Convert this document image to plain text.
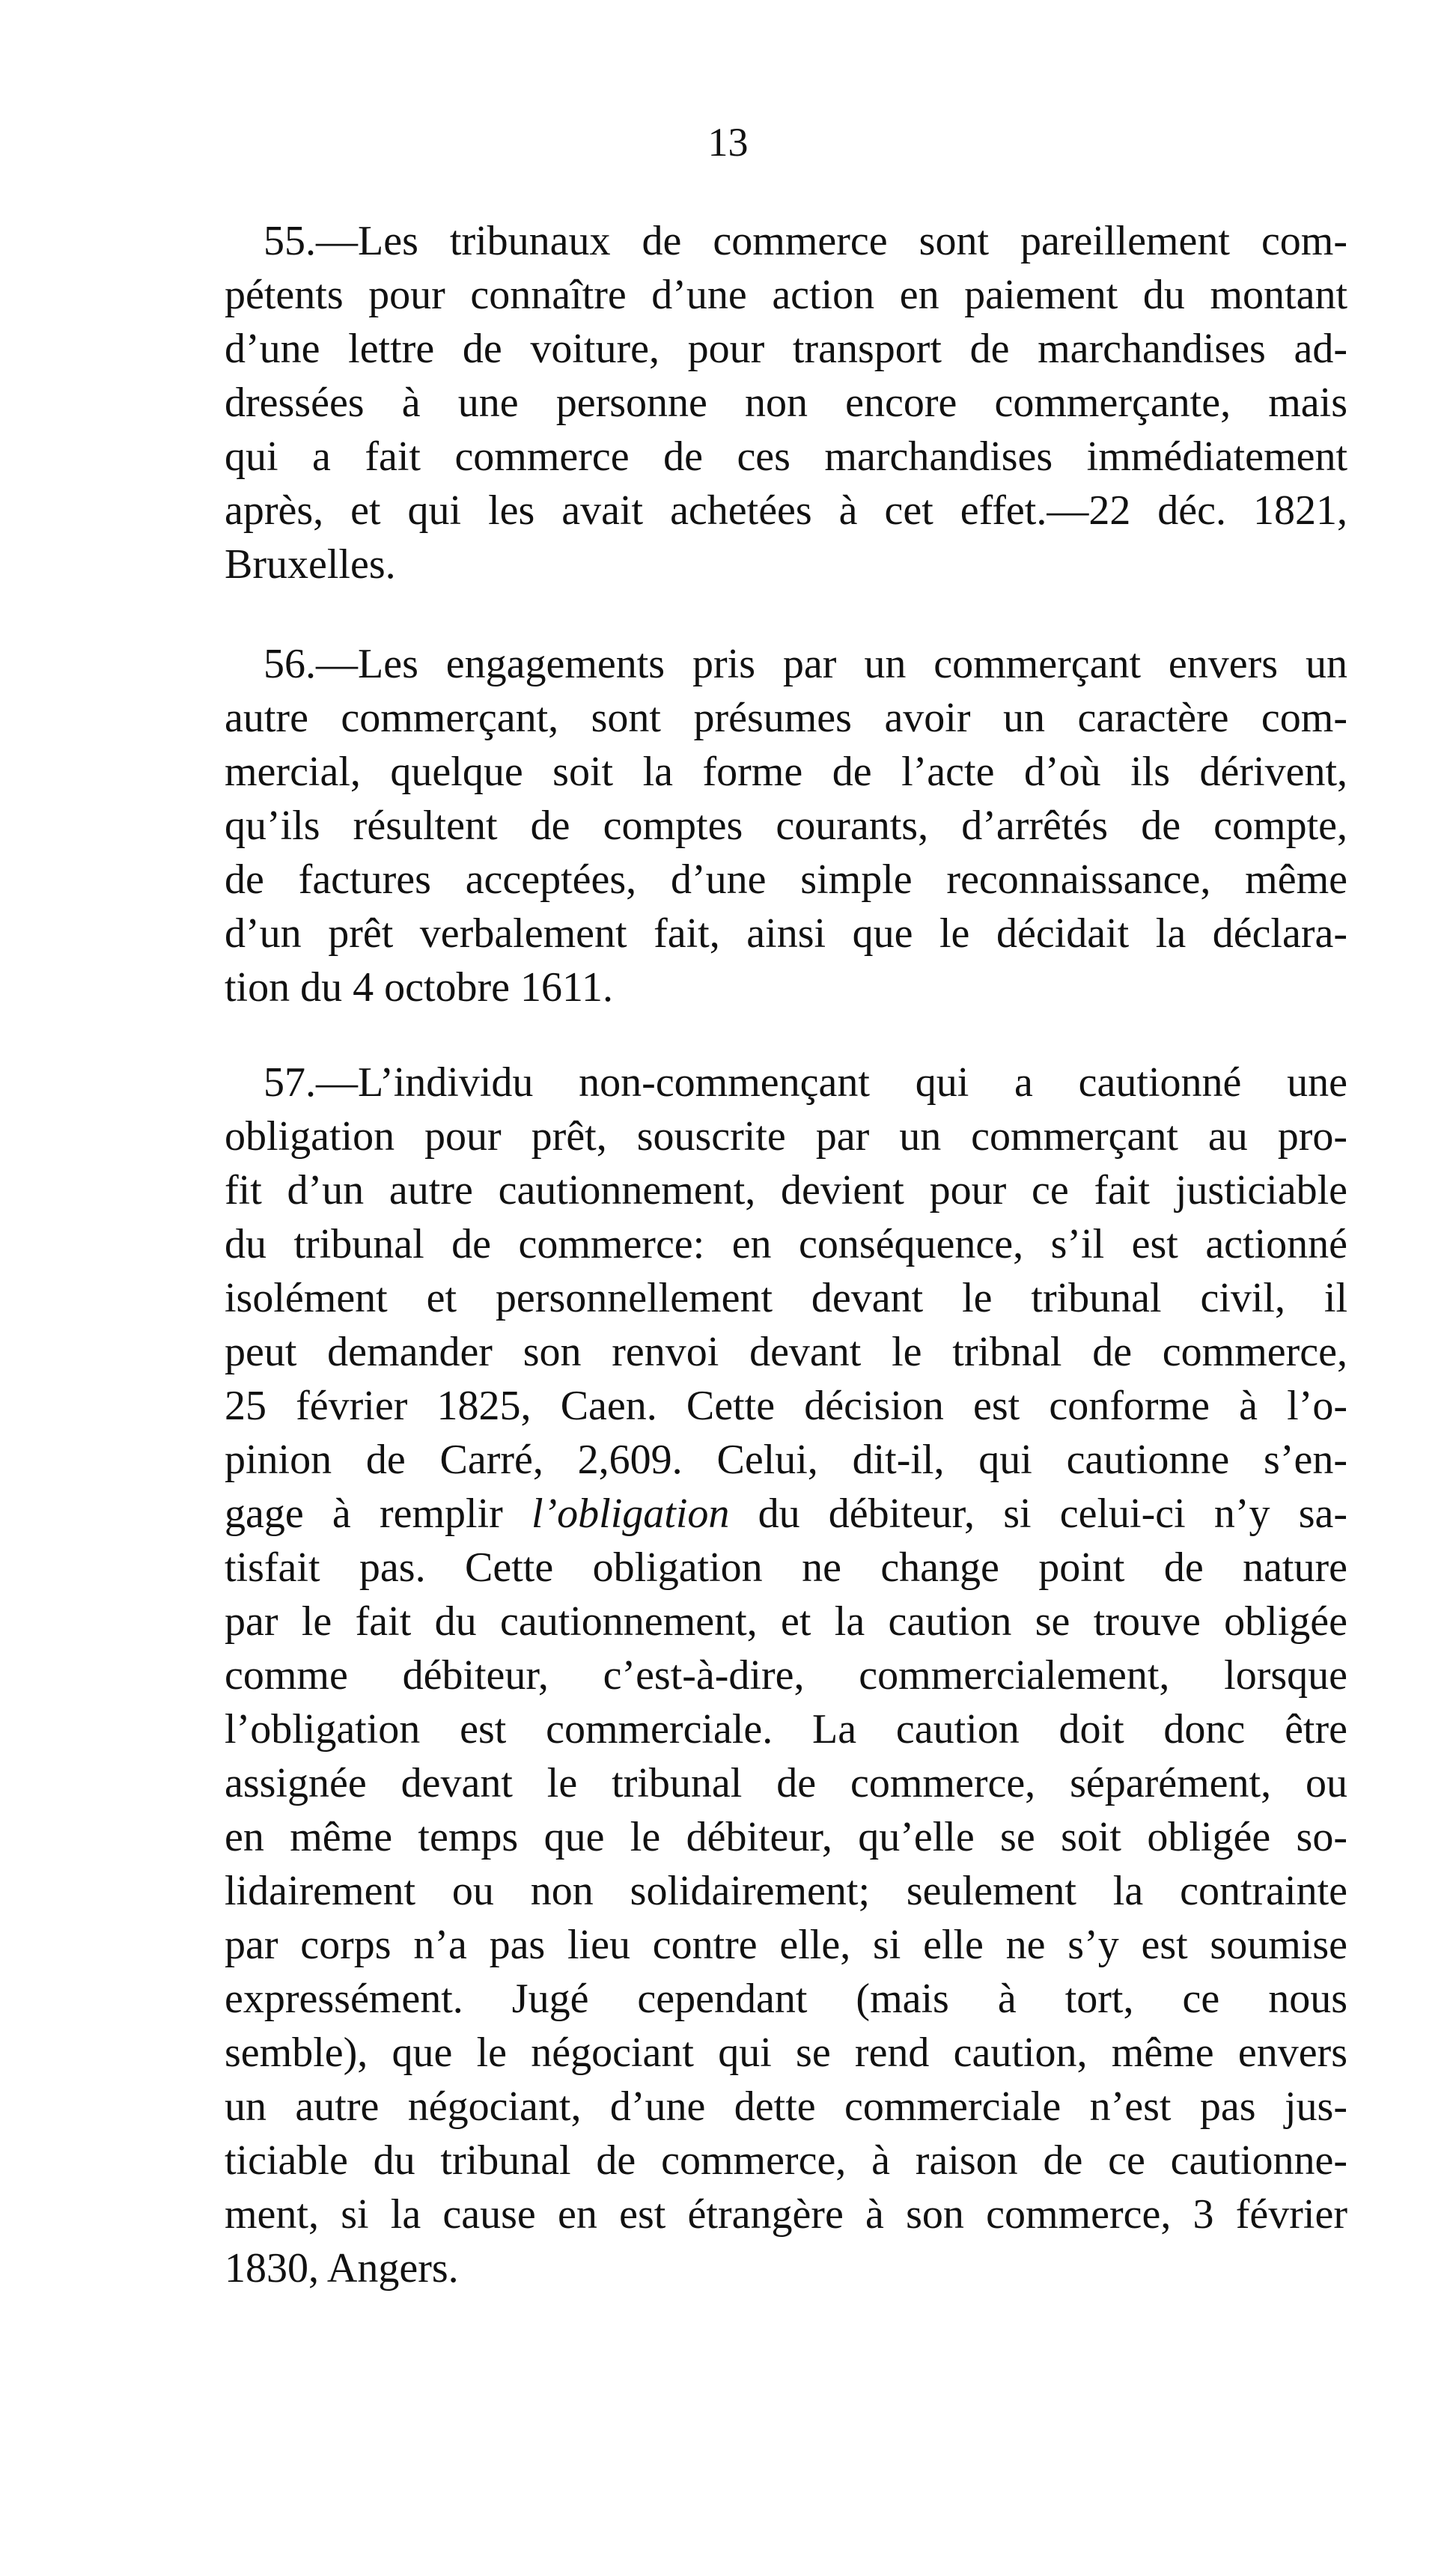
13
55.—Les tribunaux de commerce sont pareillement com-
pétents pour connaître d’une action en paiement du montant
d’une lettre de voiture, pour transport de marchandises ad-
dressées à une personne non encore commerçante, mais
qui a fait commerce de ces marchandises immédiatement
après, et qui les avait achetées à cet effet.—22 déc. 1821,
Bruxelles.
56.—Les engagements pris par un commerçant envers un
autre commerçant, sont présumes avoir un caractère com-
mercial, quelque soit la forme de l’acte d’où ils dérivent,
qu’ils résultent de comptes courants, d’arrêtés de compte,
de factures acceptées, d’une simple reconnaissance, même
d’un prêt verbalement fait, ainsi que le décidait la déclara-
tion du 4 octobre 1611.
57.—L’individu non-commençant qui a cautionné une
obligation pour prêt, souscrite par un commerçant au pro-
fit d’un autre cautionnement, devient pour ce fait justiciable
du tribunal de commerce: en conséquence, s’il est actionné
isolément et personnellement devant le tribunal civil, il
peut demander son renvoi devant le tribnal de commerce,
25 février 1825, Caen. Cette décision est conforme à l’o-
pinion de Carré, 2,609. Celui, dit-il, qui cautionne s’en-
gage à remplir l’obligation du débiteur, si celui-ci n’y sa-
tisfait pas. Cette obligation ne change point de nature
par le fait du cautionnement, et la caution se trouve obligée
comme débiteur, c’est-à-dire, commercialement, lorsque
l’obligation est commerciale. La caution doit donc être
assignée devant le tribunal de commerce, séparément, ou
en même temps que le débiteur, qu’elle se soit obligée so-
lidairement ou non solidairement; seulement la contrainte
par corps n’a pas lieu contre elle, si elle ne s’y est soumise
expressément. Jugé cependant (mais à tort, ce nous
semble), que le négociant qui se rend caution, même envers
un autre négociant, d’une dette commerciale n’est pas jus-
ticiable du tribunal de commerce, à raison de ce cautionne-
ment, si la cause en est étrangère à son commerce, 3 février
1830, Angers.
